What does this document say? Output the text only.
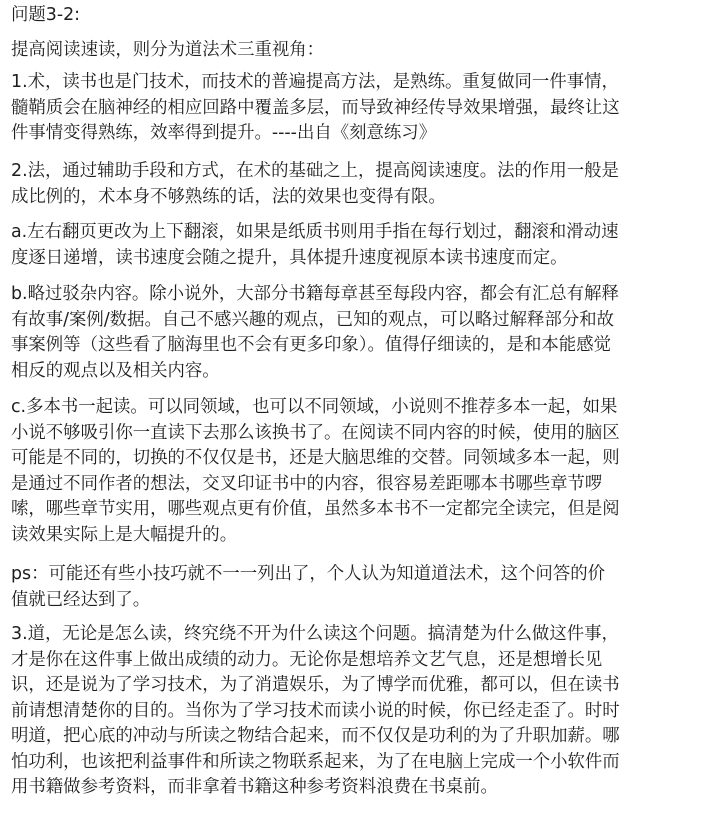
问题3-2:

提高阅读速读，则分为道法术三重视角：

1.术，读书也是门技术，而技术的普遍提高方法，是熟练。重复做同一件事情，
髓鞘质会在脑神经的相应回路中覆盖多层，而导致神经传导效果增强，最终让这
件事情变得熟练，效率得到提升。----出自《刻意练习》

2.法，通过辅助手段和方式，在术的基础之上，提高阅读速度。法的作用一般是
成比例的，术本身不够熟练的话，法的效果也变得有限。

a.左右翻页更改为上下翻滚，如果是纸质书则用手指在每行划过，翻滚和滑动速
度逐日递增，读书速度会随之提升，具体提升速度视原本读书速度而定。

b.略过驳杂内容。除小说外，大部分书籍每章甚至每段内容，都会有汇总有解释
有故事/案例/数据。自己不感兴趣的观点，已知的观点，可以略过解释部分和故
事案例等（这些看了脑海里也不会有更多印象）。值得仔细读的，是和本能感觉
相反的观点以及相关内容。

c.多本书一起读。可以同领域，也可以不同领域，小说则不推荐多本一起，如果
小说不够吸引你一直读下去那么该换书了。在阅读不同内容的时候，使用的脑区
可能是不同的，切换的不仅仅是书，还是大脑思维的交替。同领域多本一起，则
是通过不同作者的想法，交叉印证书中的内容，很容易差距哪本书哪些章节啰
嗦，哪些章节实用，哪些观点更有价值，虽然多本书不一定都完全读完，但是阅
读效果实际上是大幅提升的。

ps：可能还有些小技巧就不一一列出了，个人认为知道道法术，这个问答的价
值就已经达到了。

3.道，无论是怎么读，终究绕不开为什么读这个问题。搞清楚为什么做这件事，
才是你在这件事上做出成绩的动力。无论你是想培养文艺气息，还是想增长见
识，还是说为了学习技术，为了消遣娱乐，为了博学而优雅，都可以，但在读书
前请想清楚你的目的。当你为了学习技术而读小说的时候，你已经走歪了。时时
明道，把心底的冲动与所读之物结合起来，而不仅仅是功利的为了升职加薪。哪
怕功利，也该把利益事件和所读之物联系起来，为了在电脑上完成一个小软件而
用书籍做参考资料，而非拿着书籍这种参考资料浪费在书桌前。
